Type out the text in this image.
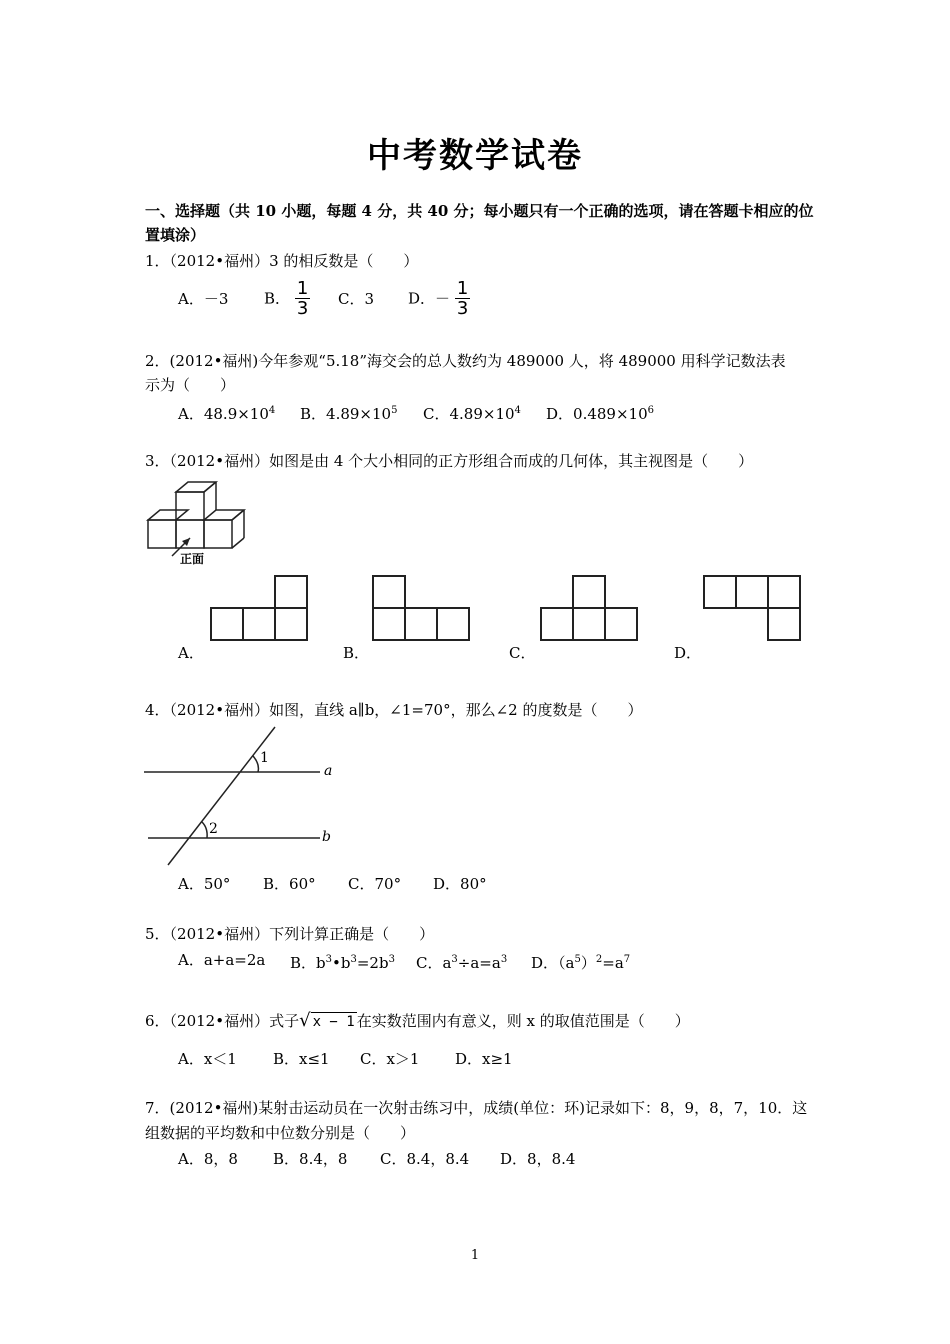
中考数学试卷
一、选择题（共 10 小题，每题 4 分，共 40 分；每小题只有一个正确的选项，请在答题卡相应的位置填涂）
1．（2012•福州）3 的相反数是（　　）
A．－3 B． $\frac{1}{3}$ C．3 D．－ $\frac{1}{3}$
2．(2012•福州)今年参观“5.18”海交会的总人数约为 489000 人，将 489000 用科学记数法表
示为（　　）
A．$48.9\times 10^4$ B．$4.89\times 10^5$ C．$4.89\times 10^4$ D．$0.489\times 10^6$
3．（2012•福州）如图是由 4 个大小相同的正方形组合而成的几何体，其主视图是（　　）
正面
A．	B．	C．	D．
4．（2012•福州）如图，直线 a∥b，∠1=70°，那么∠2 的度数是（　　）
1
2
a
b
A．50° B．60° C．70° D．80°
5．（2012•福州）下列计算正确是（　　）
A．a+a=2a B．$b^3•b^3=2b^3$ C．$a^3\div a=a^3$ D．$(a^5)^2=a^7$
6．（2012•福州）式子√ x − 1 在实数范围内有意义，则 x 的取值范围是（　　）
A．x＜1 B．x≤1 C．x＞1 D．x≥1
7．(2012•福州)某射击运动员在一次射击练习中，成绩(单位：环)记录如下：8，9，8，7，10．这
组数据的平均数和中位数分别是（　　）
A．8，8 B．8.4，8 C．8.4，8.4 D．8，8.4
1
